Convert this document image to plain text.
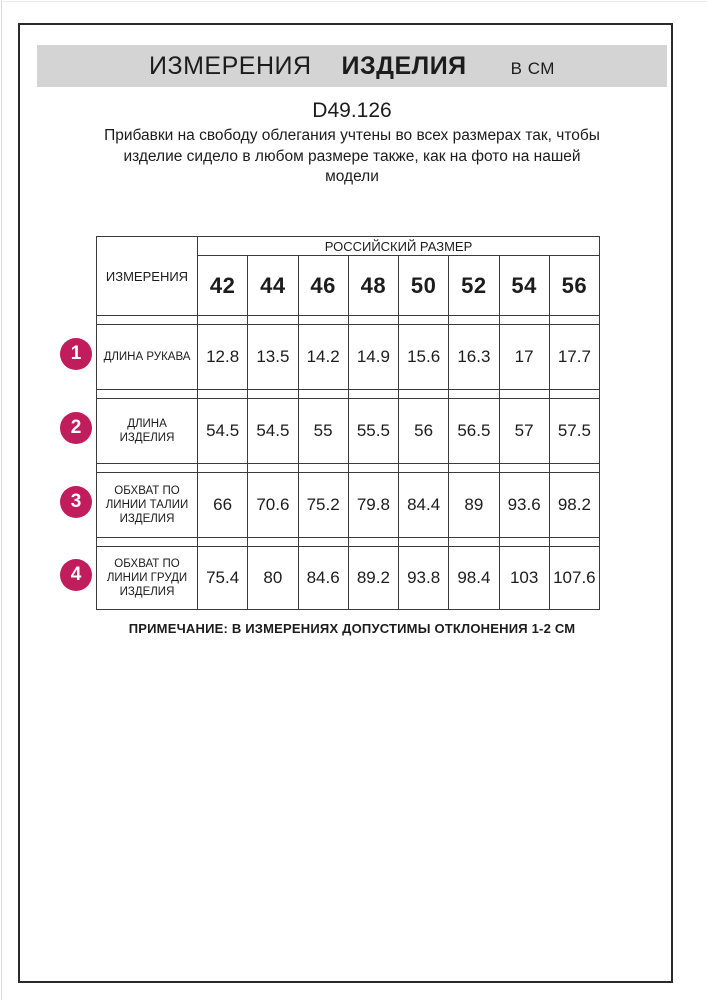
ИЗМЕРЕНИЯ ИЗДЕЛИЯ	В СМ
D49.126
Прибавки на свободу облегания учтены во всех размерах так, чтобы
изделие сидело в любом размере также, как на фото на нашей
модели
ИЗМЕРЕНИЯ
РОССИЙСКИЙ РАЗМЕР
42	44	46	48	50	52	54	56
ДЛИНА РУКАВА 12.8	13.5	14.2	14.9	15.6	16.3	17	17.7
ДЛИНА
ИЗДЕЛИЯ	54.5	54.5	55	55.5	56	56.5	57	57.5
ОБХВАТ ПО
ЛИНИИ ТАЛИИ
ИЗДЕЛИЯ
66	70.6	75.2	79.8	84.4	89	93.6	98.2
ОБХВАТ ПО
ЛИНИИ ГРУДИ
ИЗДЕЛИЯ
75.4	80	84.6	89.2	93.8	98.4	103 107.6
1
2
3
4
ПРИМЕЧАНИЕ: В ИЗМЕРЕНИЯХ ДОПУСТИМЫ ОТКЛОНЕНИЯ 1-2 СМ
